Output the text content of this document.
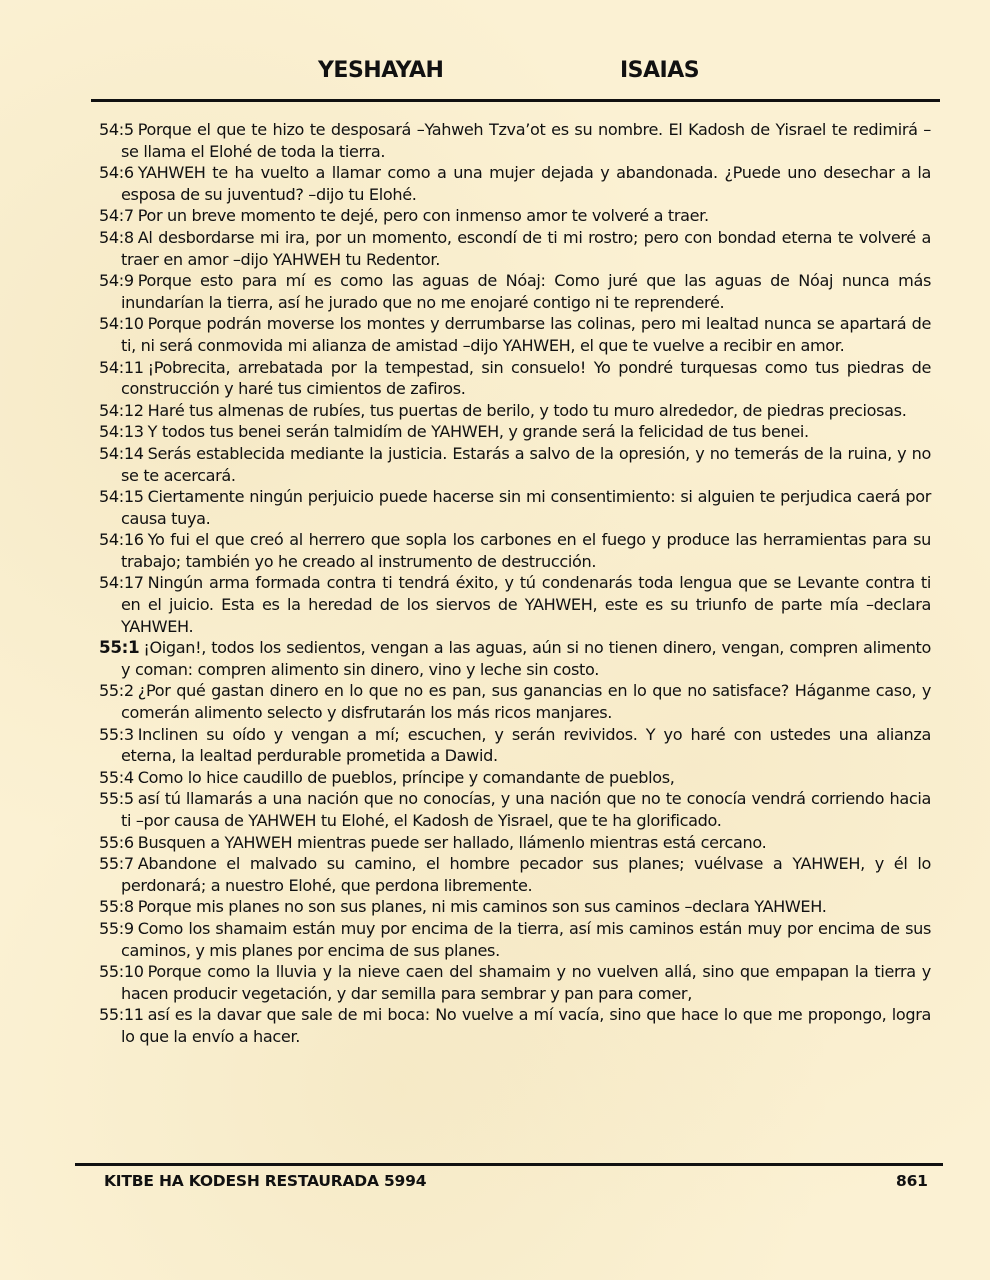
YESHAYAH	ISAIAS

54:5 Porque el que te hizo te desposará –Yahweh Tzva’ot es su nombre. El Kadosh de Yisrael te redimirá –se llama el Elohé de toda la tierra.

54:6 YAHWEH te ha vuelto a llamar como a una mujer dejada y abandonada. ¿Puede uno desechar a la esposa de su juventud? –dijo tu Elohé.

54:7 Por un breve momento te dejé, pero con inmenso amor te volveré a traer.

54:8 Al desbordarse mi ira, por un momento, escondí de ti mi rostro; pero con bondad eterna te volveré a traer en amor –dijo YAHWEH tu Redentor.

54:9 Porque esto para mí es como las aguas de Nóaj: Como juré que las aguas de Nóaj nunca más inundarían la tierra, así he jurado que no me enojaré contigo ni te reprenderé.

54:10 Porque podrán moverse los montes y derrumbarse las colinas, pero mi lealtad nunca se apartará de ti, ni será conmovida mi alianza de amistad –dijo YAHWEH, el que te vuelve a recibir en amor.

54:11 ¡Pobrecita, arrebatada por la tempestad, sin consuelo! Yo pondré turquesas como tus piedras de construcción y haré tus cimientos de zafiros.

54:12 Haré tus almenas de rubíes, tus puertas de berilo, y todo tu muro alrededor, de piedras preciosas.

54:13 Y todos tus benei serán talmidím de YAHWEH, y grande será la felicidad de tus benei.

54:14 Serás establecida mediante la justicia. Estarás a salvo de la opresión, y no temerás de la ruina, y no se te acercará.

54:15 Ciertamente ningún perjuicio puede hacerse sin mi consentimiento: si alguien te perjudica caerá por causa tuya.

54:16 Yo fui el que creó al herrero que sopla los carbones en el fuego y produce las herramientas para su trabajo; también yo he creado al instrumento de destrucción.

54:17 Ningún arma formada contra ti tendrá éxito, y tú condenarás toda lengua que se Levante contra ti en el juicio. Esta es la heredad de los siervos de YAHWEH, este es su triunfo de parte mía –declara YAHWEH.

55:1 ¡Oigan!, todos los sedientos, vengan a las aguas, aún si no tienen dinero, vengan, compren alimento y coman: compren alimento sin dinero, vino y leche sin costo.

55:2 ¿Por qué gastan dinero en lo que no es pan, sus ganancias en lo que no satisface? Háganme caso, y comerán alimento selecto y disfrutarán los más ricos manjares.

55:3 Inclinen su oído y vengan a mí; escuchen, y serán revividos. Y yo haré con ustedes una alianza eterna, la lealtad perdurable prometida a Dawid.

55:4 Como lo hice caudillo de pueblos, príncipe y comandante de pueblos,

55:5 así tú llamarás a una nación que no conocías, y una nación que no te conocía vendrá corriendo hacia ti –por causa de YAHWEH tu Elohé, el Kadosh de Yisrael, que te ha glorificado.

55:6 Busquen a YAHWEH mientras puede ser hallado, llámenlo mientras está cercano.

55:7 Abandone el malvado su camino, el hombre pecador sus planes; vuélvase a YAHWEH, y él lo perdonará; a nuestro Elohé, que perdona libremente.

55:8 Porque mis planes no son sus planes, ni mis caminos son sus caminos –declara YAHWEH.

55:9 Como los shamaim están muy por encima de la tierra, así mis caminos están muy por encima de sus caminos, y mis planes por encima de sus planes.

55:10 Porque como la lluvia y la nieve caen del shamaim y no vuelven allá, sino que empapan la tierra y hacen producir vegetación, y dar semilla para sembrar y pan para comer,

55:11 así es la davar que sale de mi boca: No vuelve a mí vacía, sino que hace lo que me propongo, logra lo que la envío a hacer.

KITBE HA KODESH RESTAURADA 5994	861
